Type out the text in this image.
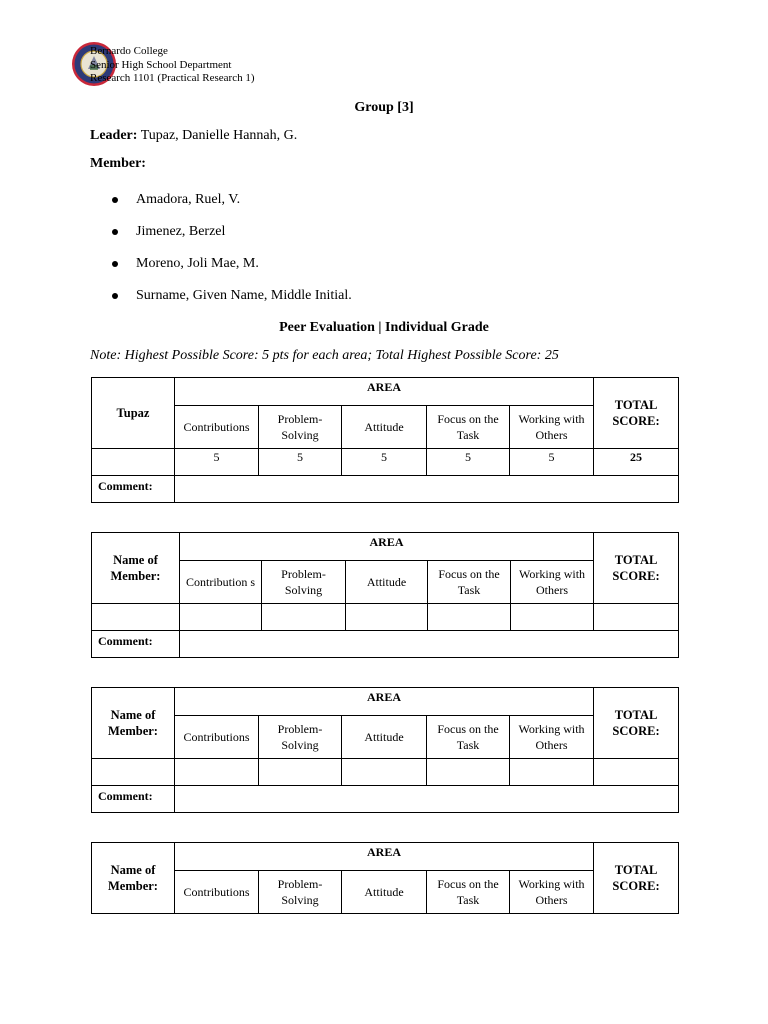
Bernardo College
Senior High School Department
Research 1101 (Practical Research 1)
Group [3]
Leader: Tupaz, Danielle Hannah, G.
Member:
Amadora, Ruel, V.
Jimenez, Berzel
Moreno, Joli Mae, M.
Surname, Given Name, Middle Initial.
Peer Evaluation | Individual Grade
Note: Highest Possible Score: 5 pts for each area; Total Highest Possible Score: 25
Tupaz	AREA					TOTAL SCORE:
	Contributions	Problem-Solving	Attitude	Focus on the Task	Working with Others	
	5	5	5	5	5	25
Comment:						
Name of Member:	AREA					TOTAL SCORE:
	Contribution s	Problem-Solving	Attitude	Focus on the Task	Working with Others	

Comment:						
Name of Member:	AREA					TOTAL SCORE:
	Contributions	Problem-Solving	Attitude	Focus on the Task	Working with Others	

Comment:						
Name of Member:	AREA					TOTAL SCORE:
	Contributions	Problem-Solving	Attitude	Focus on the Task	Working with Others	
